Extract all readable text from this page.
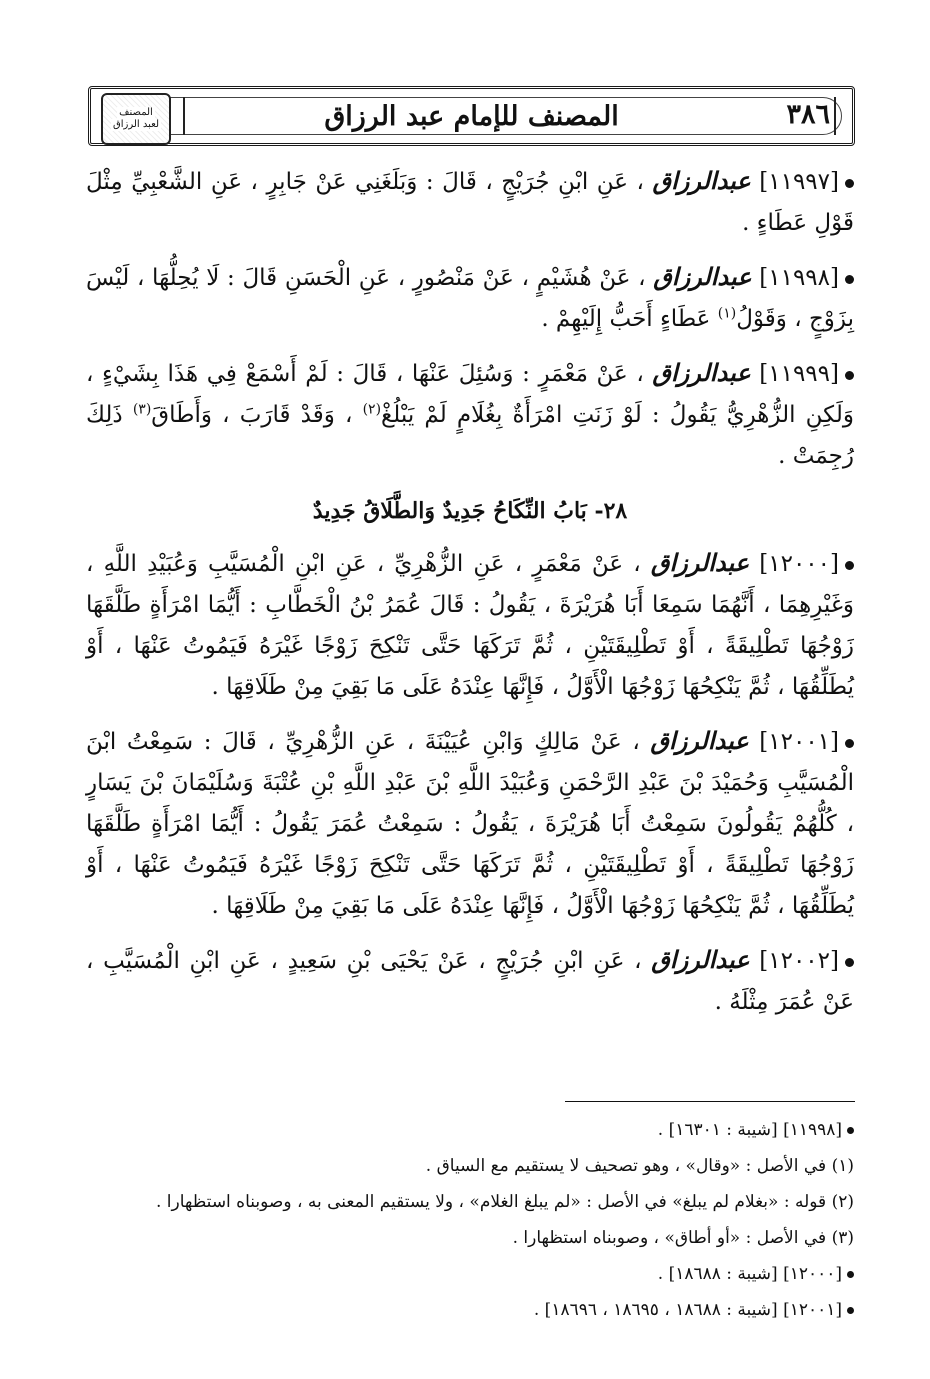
٣٨٦
المصنف للإمام عبد الرزاق
المصنف
لعبد الرزاق

[١١٩٩٧] عبدالرزاق ، عَنِ ابْنِ جُرَيْجٍ ، قَالَ : وَبَلَغَنِي عَنْ جَابِرٍ ، عَنِ الشَّعْبِيِّ مِثْلَ قَوْلِ عَطَاءٍ .

[١١٩٩٨] عبدالرزاق ، عَنْ هُشَيْمٍ ، عَنْ مَنْصُورٍ ، عَنِ الْحَسَنِ قَالَ : لَا يُحِلُّهَا ، لَيْسَ بِزَوْجٍ ، وَقَوْلُ$^{(١)}$ عَطَاءٍ أَحَبُّ إِلَيْهِمْ .

[١١٩٩٩] عبدالرزاق ، عَنْ مَعْمَرٍ : وَسُئِلَ عَنْهَا ، قَالَ : لَمْ أَسْمَعْ فِي هَذَا بِشَيْءٍ ، وَلَكِنِ الزُّهْرِيُّ يَقُولُ : لَوْ زَنَتِ امْرَأَةٌ بِغُلَامٍ لَمْ يَبْلُغْ$^{(٢)}$ ، وَقَدْ قَارَبَ ، وَأَطَاقَ$^{(٣)}$ ذَلِكَ رُجِمَتْ .

٢٨- بَابُ النِّكَاحُ جَدِيدٌ وَالطَّلَاقُ جَدِيدٌ

[١٢٠٠٠] عبدالرزاق ، عَنْ مَعْمَرٍ ، عَنِ الزُّهْرِيِّ ، عَنِ ابْنِ الْمُسَيَّبِ وَعُبَيْدِ اللَّهِ ، وَغَيْرِهِمَا ، أَنَّهُمَا سَمِعَا أَبَا هُرَيْرَةَ ، يَقُولُ : قَالَ عُمَرُ بْنُ الْخَطَّابِ : أَيُّمَا امْرَأَةٍ طَلَّقَهَا زَوْجُهَا تَطْلِيقَةً ، أَوْ تَطْلِيقَتَيْنِ ، ثُمَّ تَرَكَهَا حَتَّى تَنْكِحَ زَوْجًا غَيْرَهُ فَيَمُوتُ عَنْهَا ، أَوْ يُطَلِّقُهَا ، ثُمَّ يَنْكِحُهَا زَوْجُهَا الْأَوَّلُ ، فَإِنَّهَا عِنْدَهُ عَلَى مَا بَقِيَ مِنْ طَلَاقِهَا .

[١٢٠٠١] عبدالرزاق ، عَنْ مَالِكٍ وَابْنِ عُيَيْنَةَ ، عَنِ الزُّهْرِيِّ ، قَالَ : سَمِعْتُ ابْنَ الْمُسَيَّبِ وَحُمَيْدَ بْنَ عَبْدِ الرَّحْمَنِ وَعُبَيْدَ اللَّهِ بْنَ عَبْدِ اللَّهِ بْنِ عُتْبَةَ وَسُلَيْمَانَ بْنَ يَسَارٍ ، كُلُّهُمْ يَقُولُونَ سَمِعْتُ أَبَا هُرَيْرَةَ ، يَقُولُ : سَمِعْتُ عُمَرَ يَقُولُ : أَيُّمَا امْرَأَةٍ طَلَّقَهَا زَوْجُهَا تَطْلِيقَةً ، أَوْ تَطْلِيقَتَيْنِ ، ثُمَّ تَرَكَهَا حَتَّى تَنْكِحَ زَوْجًا غَيْرَهُ فَيَمُوتُ عَنْهَا ، أَوْ يُطَلِّقُهَا ، ثُمَّ يَنْكِحُهَا زَوْجُهَا الْأَوَّلُ ، فَإِنَّهَا عِنْدَهُ عَلَى مَا بَقِيَ مِنْ طَلَاقِهَا .

[١٢٠٠٢] عبدالرزاق ، عَنِ ابْنِ جُرَيْجٍ ، عَنْ يَحْيَى بْنِ سَعِيدٍ ، عَنِ ابْنِ الْمُسَيَّبِ ، عَنْ عُمَرَ مِثْلَهُ .

[١١٩٩٨] [شيبة : ١٦٣٠١] .
(١) في الأصل : «وقال» ، وهو تصحيف لا يستقيم مع السياق .
(٢) قوله : «بغلام لم يبلغ» في الأصل : «لم يبلغ الغلام» ، ولا يستقيم المعنى به ، وصوبناه استظهارا .
(٣) في الأصل : «أو أطاق» ، وصوبناه استظهارا .
[١٢٠٠٠] [شيبة : ١٨٦٨٨] .
[١٢٠٠١] [شيبة : ١٨٦٨٨ ، ١٨٦٩٥ ، ١٨٦٩٦] .
